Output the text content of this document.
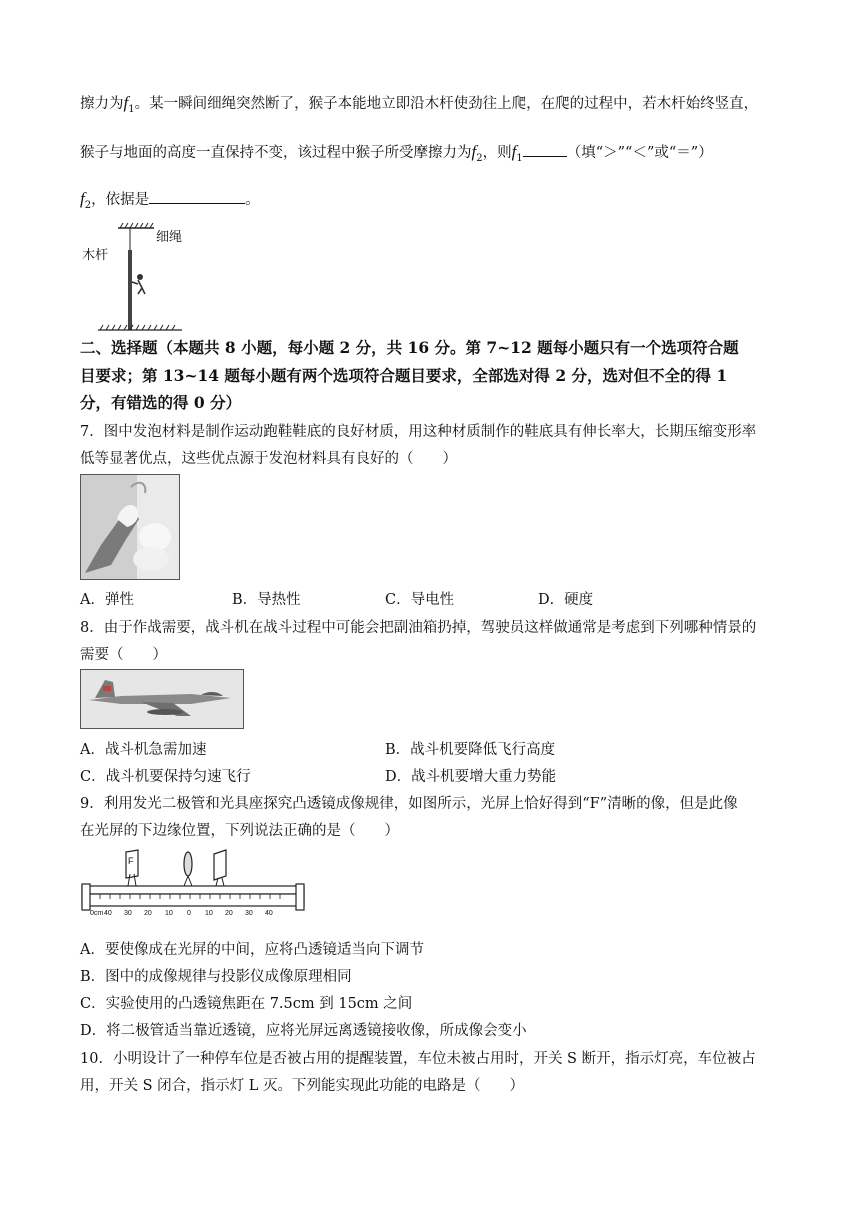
擦力为$f_1$。某一瞬间细绳突然断了，猴子本能地立即沿木杆使劲往上爬，在爬的过程中，若木杆始终竖直，
猴子与地面的高度一直保持不变，该过程中猴子所受摩擦力为$f_2$，则$f_1$	（填“＞”“＜”或“＝”）
$f_2$，依据是	。
木杆
细绳
二、选择题（本题共 8 小题，每小题 2 分，共 16 分。第 7~12 题每小题只有一个选项符合题
目要求；第 13~14 题每小题有两个选项符合题目要求，全部选对得 2 分，选对但不全的得 1
分，有错选的得 0 分）
7．图中发泡材料是制作运动跑鞋鞋底的良好材质，用这种材质制作的鞋底具有伸长率大，长期压缩变形率
低等显著优点，这些优点源于发泡材料具有良好的（　　）
A．弹性	B．导热性	C．导电性	D．硬度
8．由于作战需要，战斗机在战斗过程中可能会把副油箱扔掉，驾驶员这样做通常是考虑到下列哪种情景的
需要（　　）
A．战斗机急需加速	B．战斗机要降低飞行高度
C．战斗机要保持匀速飞行	D．战斗机要增大重力势能
9．利用发光二极管和光具座探究凸透镜成像规律，如图所示，光屏上恰好得到“F”清晰的像，但是此像
在光屏的下边缘位置，下列说法正确的是（　　）
F
0cm 40 30 20 10 0 10 20 30 40
A．要使像成在光屏的中间，应将凸透镜适当向下调节
B．图中的成像规律与投影仪成像原理相同
C．实验使用的凸透镜焦距在 7.5cm 到 15cm 之间
D．将二极管适当靠近透镜，应将光屏远离透镜接收像，所成像会变小
10．小明设计了一种停车位是否被占用的提醒装置，车位未被占用时，开关 S 断开，指示灯亮，车位被占
用，开关 S 闭合，指示灯 L 灭。下列能实现此功能的电路是（　　）
